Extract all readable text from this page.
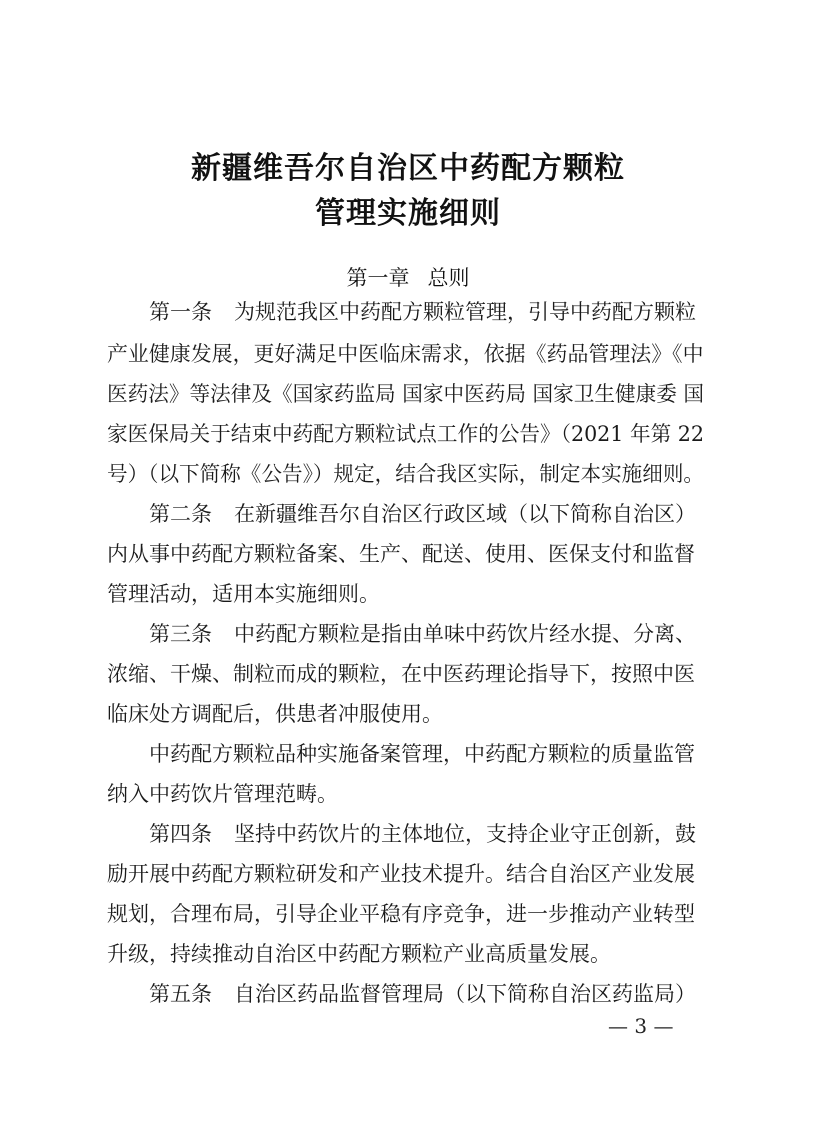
新疆维吾尔自治区中药配方颗粒
管理实施细则
第一章 总则
第一条 为规范我区中药配方颗粒管理，引导中药配方颗粒
产业健康发展，更好满足中医临床需求，依据《药品管理法》《中
医药法》等法律及《国家药监局 国家中医药局 国家卫生健康委 国
家医保局关于结束中药配方颗粒试点工作的公告》（2021 年第 22
号）（以下简称《公告》）规定，结合我区实际，制定本实施细则。
第二条 在新疆维吾尔自治区行政区域（以下简称自治区）
内从事中药配方颗粒备案、生产、配送、使用、医保支付和监督
管理活动，适用本实施细则。
第三条 中药配方颗粒是指由单味中药饮片经水提、分离、
浓缩、干燥、制粒而成的颗粒，在中医药理论指导下，按照中医
临床处方调配后，供患者冲服使用。
中药配方颗粒品种实施备案管理，中药配方颗粒的质量监管
纳入中药饮片管理范畴。
第四条 坚持中药饮片的主体地位，支持企业守正创新，鼓
励开展中药配方颗粒研发和产业技术提升。结合自治区产业发展
规划，合理布局，引导企业平稳有序竞争，进一步推动产业转型
升级，持续推动自治区中药配方颗粒产业高质量发展。
第五条 自治区药品监督管理局（以下简称自治区药监局）
— 3 —
